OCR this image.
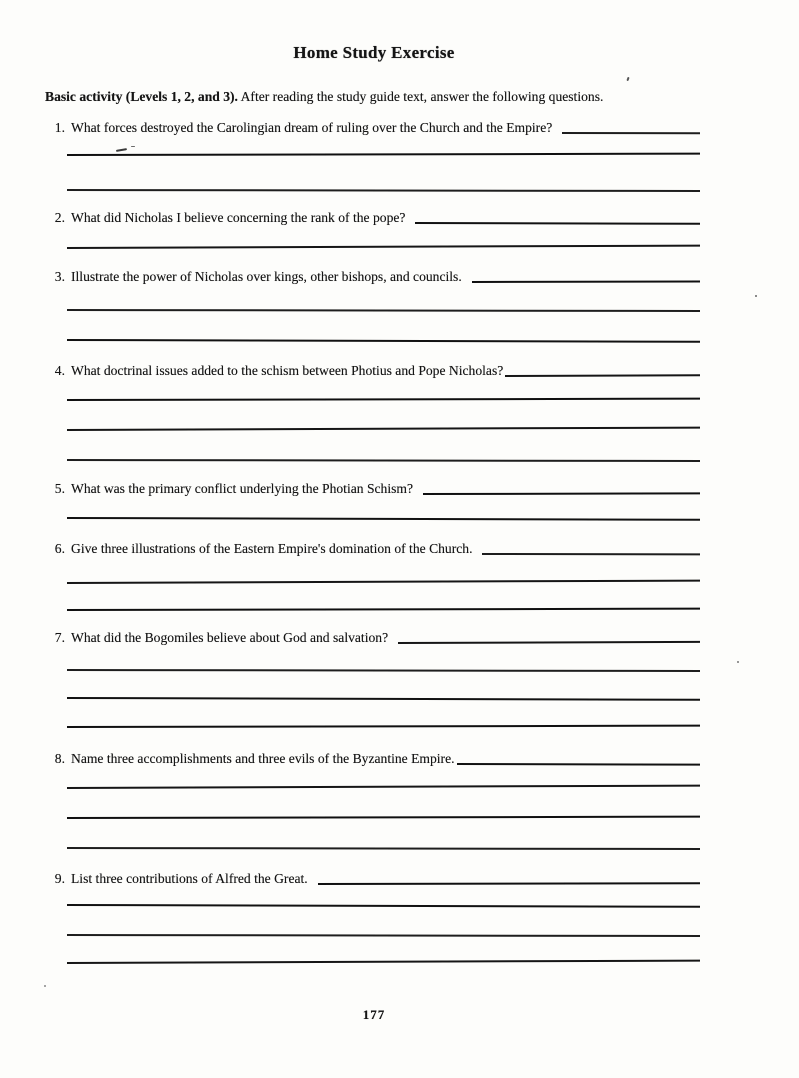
Home Study Exercise
Basic activity (Levels 1, 2, and 3). After reading the study guide text, answer the following questions.
1. What forces destroyed the Carolingian dream of ruling over the Church and the Empire?
2. What did Nicholas I believe concerning the rank of the pope?
3. Illustrate the power of Nicholas over kings, other bishops, and councils.
4. What doctrinal issues added to the schism between Photius and Pope Nicholas?
5. What was the primary conflict underlying the Photian Schism?
6. Give three illustrations of the Eastern Empire's domination of the Church.
7. What did the Bogomiles believe about God and salvation?
8. Name three accomplishments and three evils of the Byzantine Empire.
9. List three contributions of Alfred the Great.
177
